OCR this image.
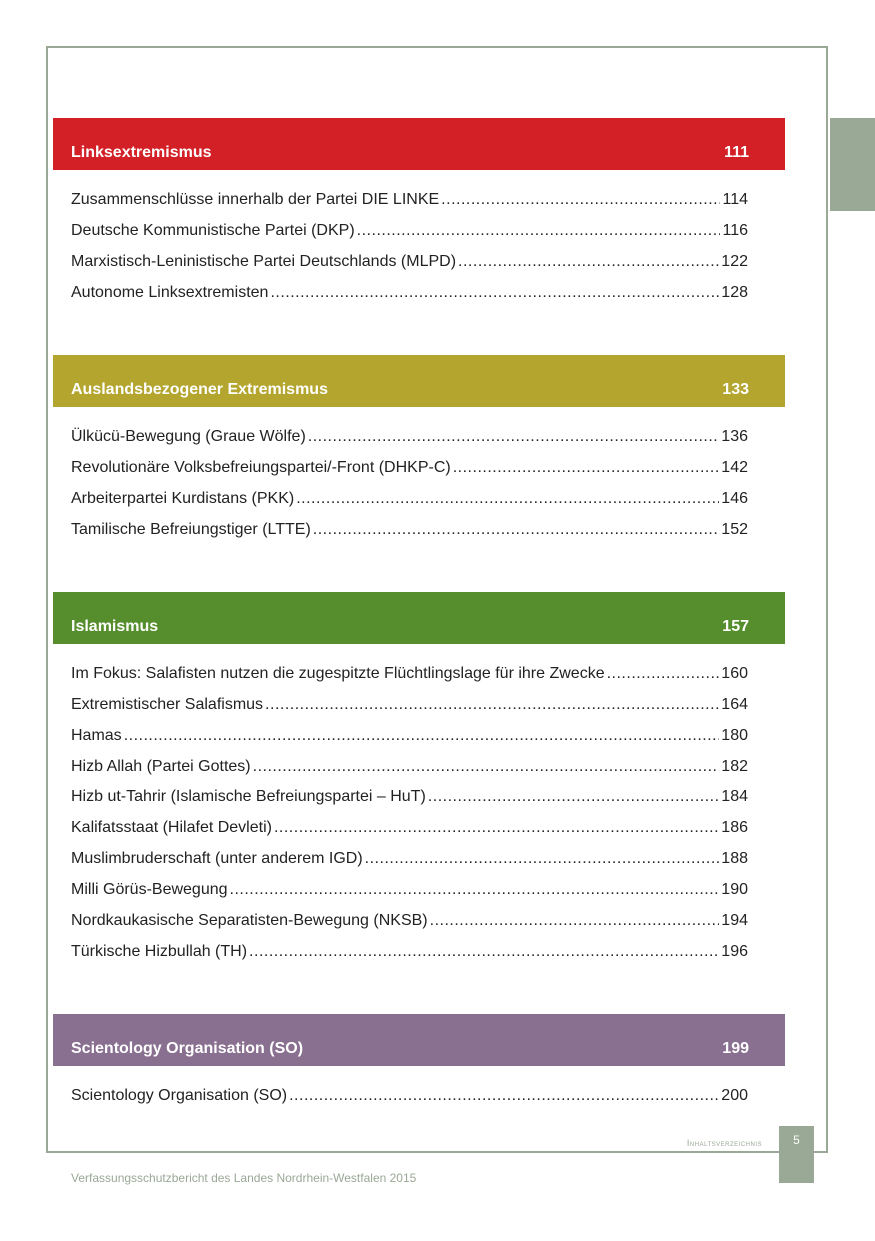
Linksextremismus	111
Zusammenschlüsse innerhalb der Partei DIE LINKE .....	114
Deutsche Kommunistische Partei (DKP) .....	116
Marxistisch-Leninistische Partei Deutschlands (MLPD) .....	122
Autonome Linksextremisten .....	128
Auslandsbezogener Extremismus	133
Ülkücü-Bewegung (Graue Wölfe) .....	136
Revolutionäre Volksbefreiungspartei/-Front (DHKP-C) .....	142
Arbeiterpartei Kurdistans (PKK) .....	146
Tamilische Befreiungstiger (LTTE) .....	152
Islamismus	157
Im Fokus: Salafisten nutzen die zugespitzte Flüchtlingslage für ihre Zwecke .....	160
Extremistischer Salafismus .....	164
Hamas .....	180
Hizb Allah (Partei Gottes) .....	182
Hizb ut-Tahrir (Islamische Befreiungspartei – HuT) .....	184
Kalifatsstaat (Hilafet Devleti) .....	186
Muslimbruderschaft (unter anderem IGD) .....	188
Milli Görüs-Bewegung .....	190
Nordkaukasische Separatisten-Bewegung (NKSB) .....	194
Türkische Hizbullah (TH) .....	196
Scientology Organisation (SO)	199
Scientology Organisation (SO) .....	200
Inhaltsverzeichnis	5
Verfassungsschutzbericht des Landes Nordrhein-Westfalen 2015
